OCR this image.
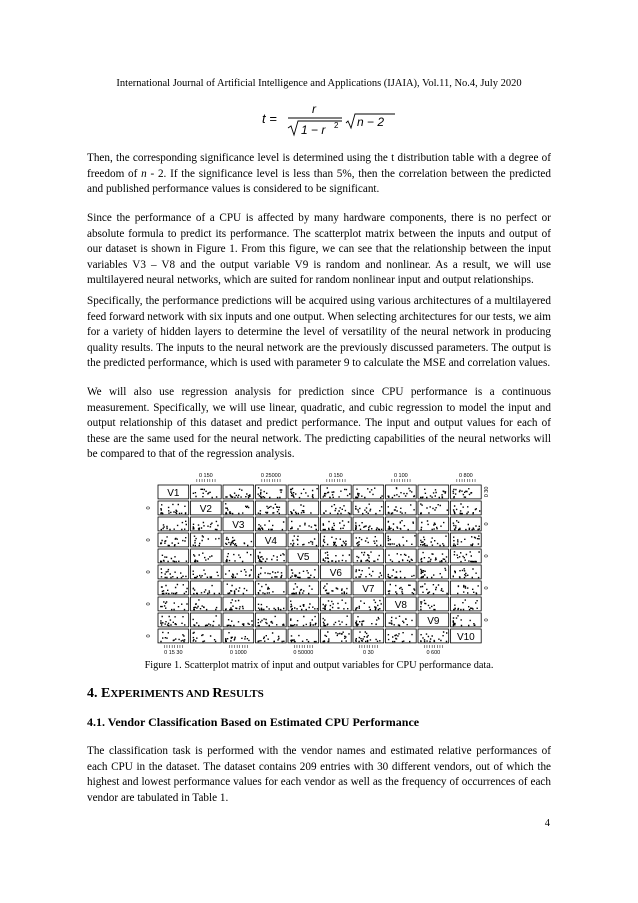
International Journal of Artificial Intelligence and Applications (IJAIA), Vol.11, No.4, July 2020
t =
r
1 − r 2 n − 2

Then, the corresponding significance level is determined using the t distribution table with a degree of freedom of n - 2. If the significance level is less than 5%, then the correlation between the predicted and published performance values is considered to be significant.

Since the performance of a CPU is affected by many hardware components, there is no perfect or absolute formula to predict its performance. The scatterplot matrix between the inputs and output of our dataset is shown in Figure 1. From this figure, we can see that the relationship between the input variables V3 – V8 and the output variable V9 is random and nonlinear. As a result, we will use multilayered neural networks, which are suited for random nonlinear input and output relationships.

Specifically, the performance predictions will be acquired using various architectures of a multilayered feed forward network with six inputs and one output. When selecting architectures for our tests, we aim for a variety of hidden layers to determine the level of versatility of the neural network in producing quality results. The inputs to the neural network are the previously discussed parameters. The output is the predicted performance, which is used with parameter 9 to calculate the MSE and correlation values.

We will also use regression analysis for prediction since CPU performance is a continuous measurement. Specifically, we will use linear, quadratic, and cubic regression to model the input and output relationship of this dataset and predict performance. The input and output values for each of these are the same used for the neural network. The predicting capabilities of the neural networks will be compared to that of the regression analysis.

V1
V2
V3
V4
V5
V6
V7
V8
V9
V10
0 150	0 25000	0 150	0 100	0 800
0 15 30	0 1000	0 50000	0 30	0 600
0
0
0
0
0
0 30
0
0
0
0
Figure 1. Scatterplot matrix of input and output variables for CPU performance data.
4. EXPERIMENTS AND RESULTS
4.1. Vendor Classification Based on Estimated CPU Performance

The classification task is performed with the vendor names and estimated relative performances of each CPU in the dataset. The dataset contains 209 entries with 30 different vendors, out of which the highest and lowest performance values for each vendor as well as the frequency of occurrences of each vendor are tabulated in Table 1.

4
